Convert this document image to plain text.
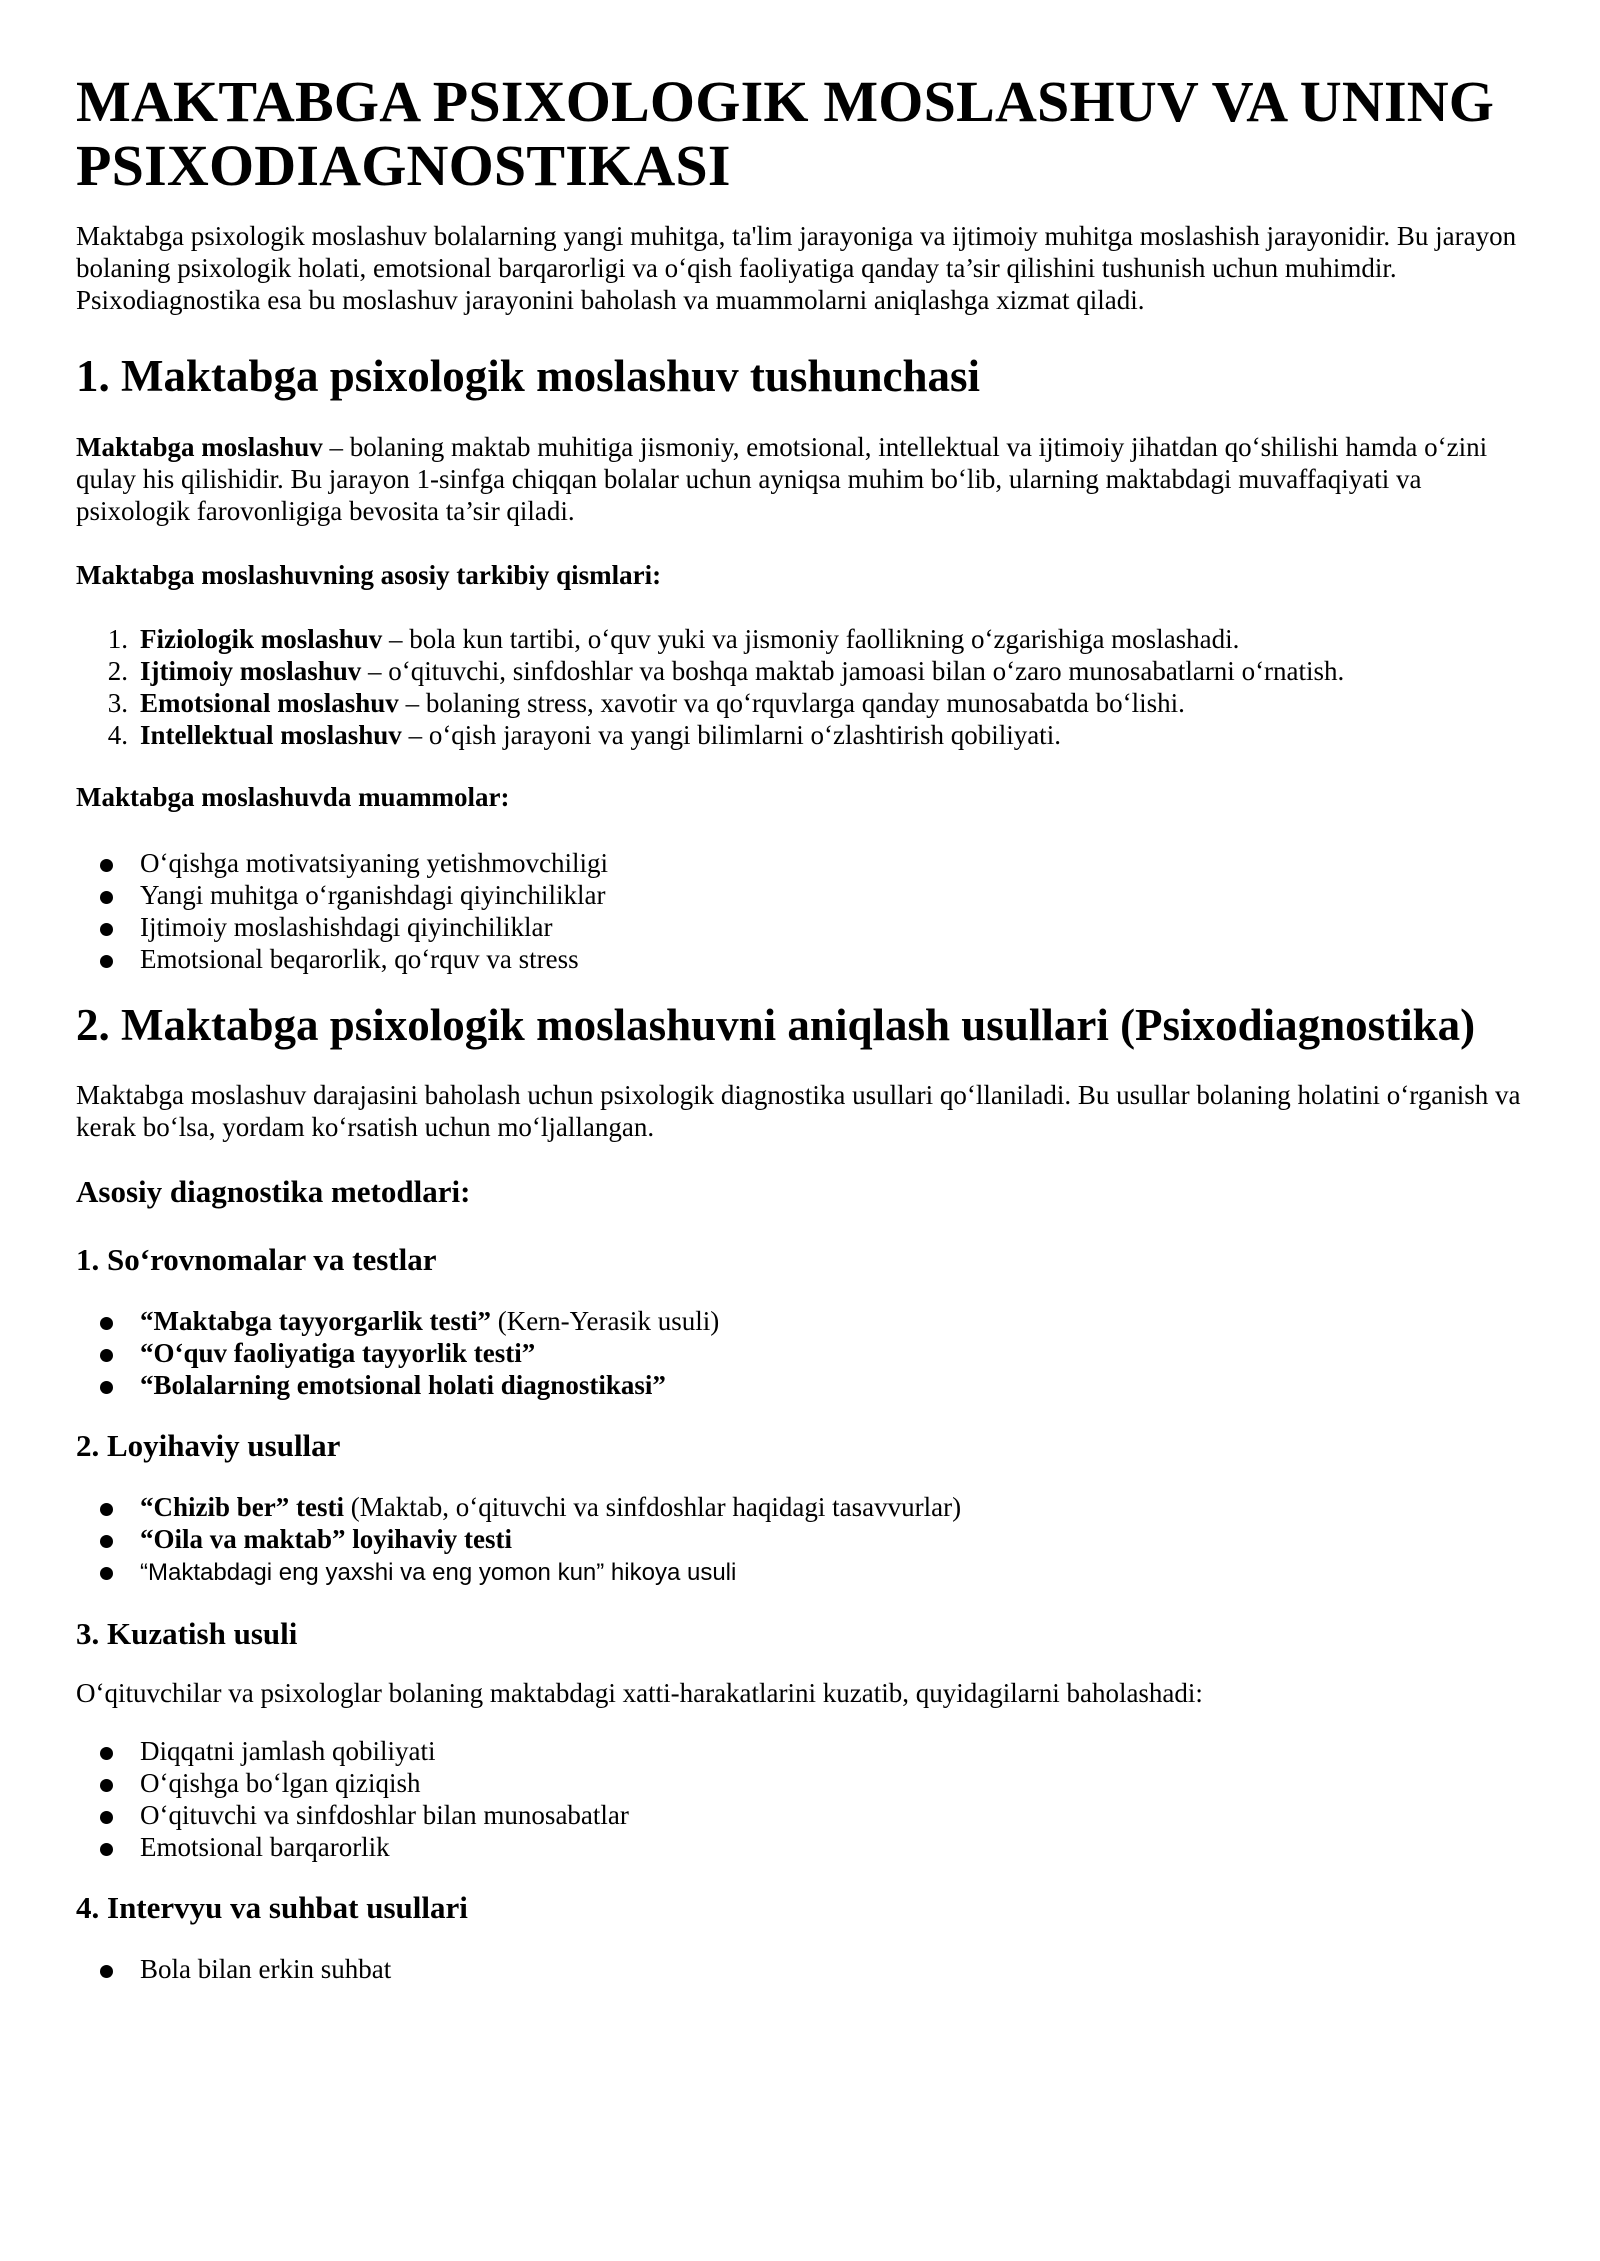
MAKTABGA PSIXOLOGIK MOSLASHUV VA UNING PSIXODIAGNOSTIKASI

Maktabga psixologik moslashuv bolalarning yangi muhitga, ta'lim jarayoniga va ijtimoiy muhitga moslashish jarayonidir. Bu jarayon bolaning psixologik holati, emotsional barqarorligi va o‘qish faoliyatiga qanday ta’sir qilishini tushunish uchun muhimdir. Psixodiagnostika esa bu moslashuv jarayonini baholash va muammolarni aniqlashga xizmat qiladi.

1. Maktabga psixologik moslashuv tushunchasi

Maktabga moslashuv – bolaning maktab muhitiga jismoniy, emotsional, intellektual va ijtimoiy jihatdan qo‘shilishi hamda o‘zini qulay his qilishidir. Bu jarayon 1-sinfga chiqqan bolalar uchun ayniqsa muhim bo‘lib, ularning maktabdagi muvaffaqiyati va psixologik farovonligiga bevosita ta’sir qiladi.

Maktabga moslashuvning asosiy tarkibiy qismlari:

1. Fiziologik moslashuv – bola kun tartibi, o‘quv yuki va jismoniy faollikning o‘zgarishiga moslashadi.
2. Ijtimoiy moslashuv – o‘qituvchi, sinfdoshlar va boshqa maktab jamoasi bilan o‘zaro munosabatlarni o‘rnatish.
3. Emotsional moslashuv – bolaning stress, xavotir va qo‘rquvlarga qanday munosabatda bo‘lishi.
4. Intellektual moslashuv – o‘qish jarayoni va yangi bilimlarni o‘zlashtirish qobiliyati.

Maktabga moslashuvda muammolar:

O‘qishga motivatsiyaning yetishmovchiligi
Yangi muhitga o‘rganishdagi qiyinchiliklar
Ijtimoiy moslashishdagi qiyinchiliklar
Emotsional beqarorlik, qo‘rquv va stress
2. Maktabga psixologik moslashuvni aniqlash usullari (Psixodiagnostika)

Maktabga moslashuv darajasini baholash uchun psixologik diagnostika usullari qo‘llaniladi. Bu usullar bolaning holatini o‘rganish va kerak bo‘lsa, yordam ko‘rsatish uchun mo‘ljallangan.

Asosiy diagnostika metodlari:
1. So‘rovnomalar va testlar
“Maktabga tayyorgarlik testi” (Kern-Yerasik usuli)
“O‘quv faoliyatiga tayyorlik testi”
“Bolalarning emotsional holati diagnostikasi”
2. Loyihaviy usullar
“Chizib ber” testi (Maktab, o‘qituvchi va sinfdoshlar haqidagi tasavvurlar)
“Oila va maktab” loyihaviy testi
“Maktabdagi eng yaxshi va eng yomon kun” hikoya usuli
3. Kuzatish usuli

O‘qituvchilar va psixologlar bolaning maktabdagi xatti-harakatlarini kuzatib, quyidagilarni baholashadi:

Diqqatni jamlash qobiliyati
O‘qishga bo‘lgan qiziqish
O‘qituvchi va sinfdoshlar bilan munosabatlar
Emotsional barqarorlik
4. Intervyu va suhbat usullari
Bola bilan erkin suhbat
